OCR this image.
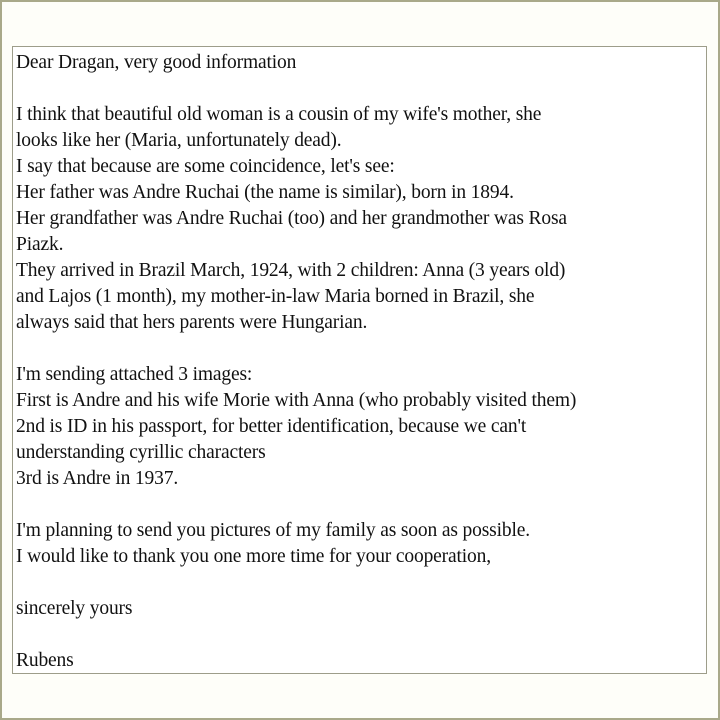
Dear Dragan, very good information
I think that beautiful old woman is a cousin of my wife's mother, she
looks like her (Maria, unfortunately dead).
I say that because are some coincidence, let's see:
Her father was Andre Ruchai (the name is similar), born in 1894.
Her grandfather was Andre Ruchai (too) and her grandmother was Rosa
Piazk.
They arrived in Brazil March, 1924, with 2 children: Anna (3 years old)
and Lajos (1 month), my mother-in-law Maria borned in Brazil, she
always said that hers parents were Hungarian.
I'm sending attached 3 images:
First is Andre and his wife Morie with Anna (who probably visited them)
2nd is ID in his passport, for better identification, because we can't
understanding cyrillic characters
3rd is Andre in 1937.
I'm planning to send you pictures of my family as soon as possible.
I would like to thank you one more time for your cooperation,
sincerely yours
Rubens
